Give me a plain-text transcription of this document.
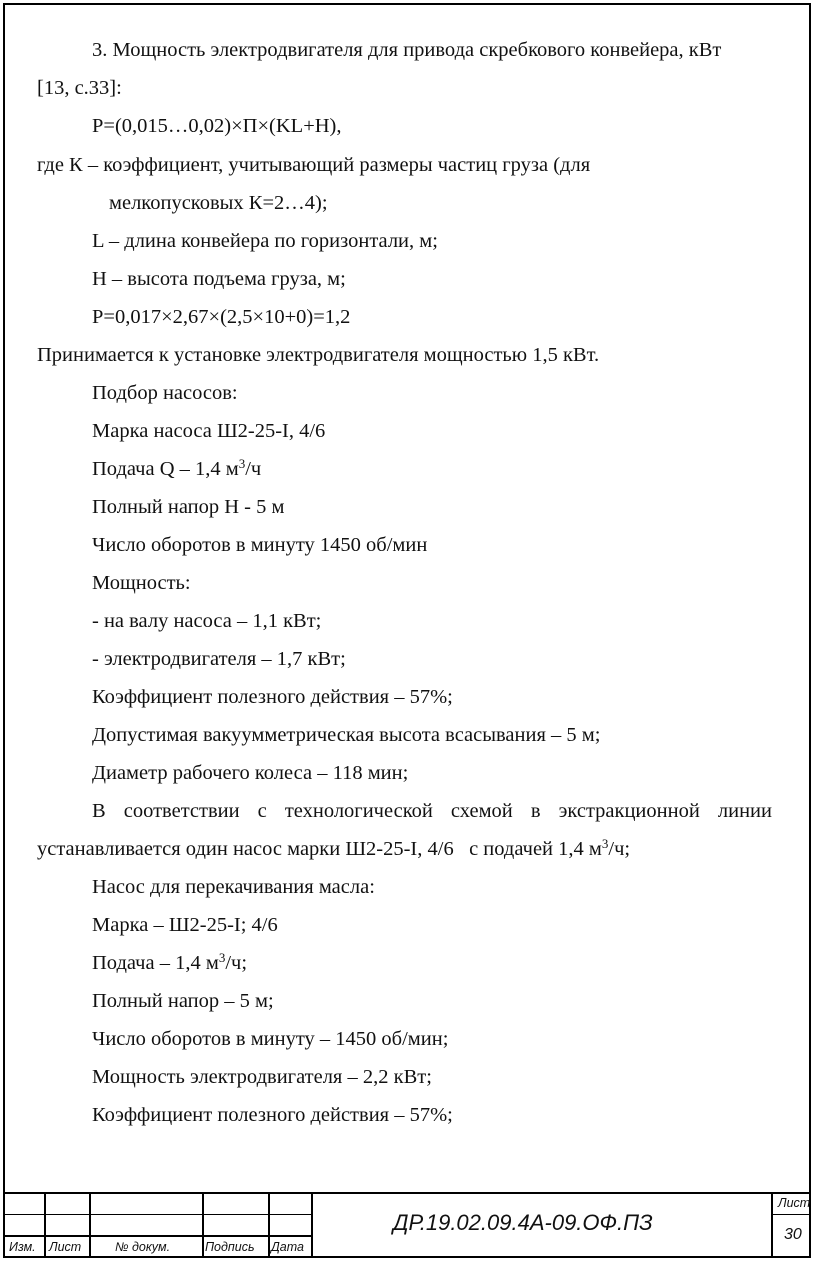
3. Мощность электродвигателя для привода скребкового конвейера, кВт
[13, с.33]:
P=(0,015…0,02)×П×(KL+H),
где К – коэффициент, учитывающий размеры частиц груза (для
мелкопусковых К=2…4);
L – длина конвейера по горизонтали, м;
Н – высота подъема груза, м;
P=0,017×2,67×(2,5×10+0)=1,2
Принимается к установке электродвигателя мощностью 1,5 кВт.
Подбор насосов:
Марка насоса Ш2-25-I, 4/6
Подача Q – 1,4 $м^3/ч$
Полный напор Н - 5 м
Число оборотов в минуту 1450 об/мин
Мощность:
- на валу насоса – 1,1 кВт;
- электродвигателя – 1,7 кВт;
Коэффициент полезного действия – 57%;
Допустимая вакуумметрическая высота всасывания – 5 м;
Диаметр рабочего колеса – 118 мин;
В соответствии с технологической схемой в экстракционной линии
устанавливается один насос марки Ш2-25-I, 4/6   с подачей 1,4 $м^3/ч$;
Насос для перекачивания масла:
Марка – Ш2-25-I; 4/6
Подача – 1,4 $м^3/ч$;
Полный напор – 5 м;
Число оборотов в минуту – 1450 об/мин;
Мощность электродвигателя – 2,2 кВт;
Коэффициент полезного действия – 57%;
Изм. Лист	№ докум.	Подпись Дата
ДР.19.02.09.4А-09.ОФ.ПЗ
Лист
30
